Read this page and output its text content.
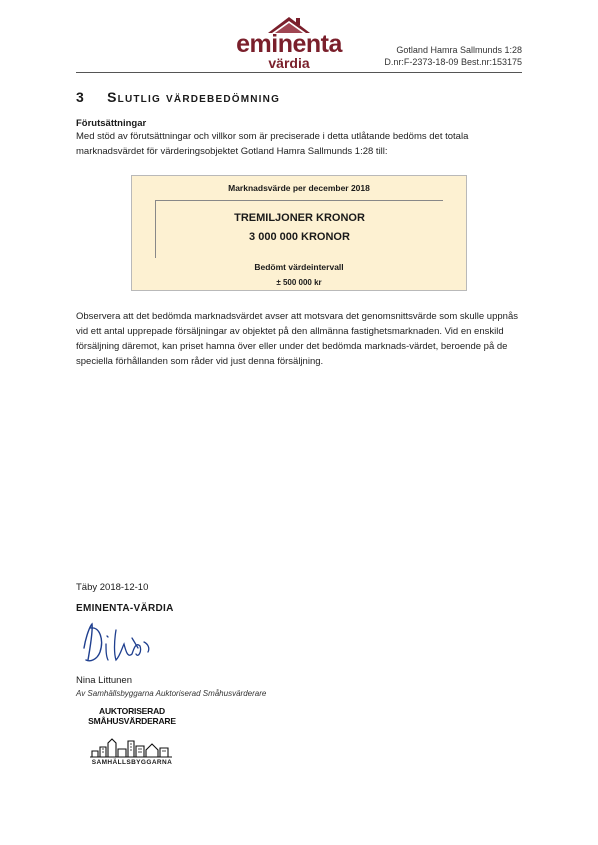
eminenta
värdia
Gotland Hamra Sallmunds 1:28
D.nr:F-2373-18-09 Best.nr:153175
3 Slutlig värdebedömning
Förutsättningar
Med stöd av förutsättningar och villkor som är preciserade i detta utlåtande bedöms det totala marknadsvärdet för värderingsobjektet Gotland Hamra Sallmunds 1:28 till:
Marknadsvärde per december 2018
TREMILJONER KRONOR
3 000 000 KRONOR
Bedömt värdeintervall
± 500 000 kr
Observera att det bedömda marknadsvärdet avser att motsvara det genomsnittsvärde som skulle uppnås vid ett antal upprepade försäljningar av objektet på den allmänna fastighetsmarknaden. Vid en enskild försäljning däremot, kan priset hamna över eller under det bedömda marknads-värdet, beroende på de speciella förhållanden som råder vid just denna försäljning.
Täby 2018-12-10
EMINENTA-VÄRDIA
Nina Littunen
Av Samhällsbyggarna Auktoriserad Småhusvärderare
AUKTORISERAD
SMÅHUSVÄRDERARE
SAMHÄLLSBYGGARNA
